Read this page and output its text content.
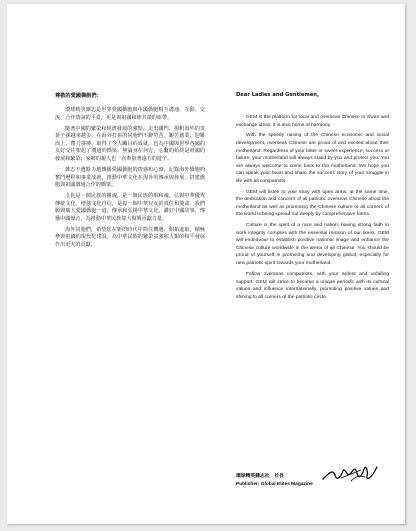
尊敬的愛國僑胞們：

環球精英雜志是世界愛國僑胞與中國僑胞相互溝通、互動、交流、合作情誼的平臺，更是與祖國和睦共榮的紐帶。

隨著中國的繁榮和經濟發展的強勁，走出國門、揚帆海外的炎黃子孫越來越多，在海外打拼的同胞們不辭勞苦、艱苦創業、迎難而上、奮力拼搏，取得了令人矚目的成就，也為中國與世界各國的友好交往架起了溝通的橋梁。無論身在何方，心繫的始終是祖國的發展和繁榮；家鄉的親人也一直牽掛著遠方的遊子。

雜志不遺餘力地傳播愛國僑胞的情感和心聲，記錄海外僑胞的奮鬥歷程和事業成就，推動中華文化在海外的傳承與發展，搭建僑胞與祖國溝通合作的橋梁。

文化是一個民族的靈魂，是一個民族的根和魂。弘揚中華優秀傳統文化，增強文化自信，是每一個中華兒女的責任和使命。我們願與廣大愛國僑胞一道，傳承和弘揚中華文化，講好中國故事，傳播中國聲音，為推動中華民族偉大復興貢獻力量。

海外同胞們，希望您在新的時代中抓住機遇、開拓進取，積極參與祖國的現代化建設，為中華民族的繁榮富強和人類的和平發展作出更大的貢獻。

Dear Ladies and Gentlemen,

GEM is the platform for local and overseas Chinese to share and exchange ideas, it is also home of harmony.

With the speedy raising of the Chinese economic and social development, overseas Chinese are proud of and excited about their motherland. Regardless of your bitter or sweet experience, success or failure, your motherland will always stand by you and protect you. You are always welcome to come back to the motherland. We hope you can speak your heart and share the success story of your struggle in life with all compatriots.

GEM will listen to your story with open arms; at the same time, the dedication and concern of all patriotic overseas Chinese about the motherland as well as promoting the Chinese culture to all corners of the world is being spread out deeply by comprehensive forms.

Culture is the spirit of a race and nation; having strong faith to work integrity complies with the essential mission of our times. GEM will endeavour to establish positive national image and enhance the Chinese culture worldwide in the arena of all Chinese. You should be proud of yourself in promoting and developing global, especially for new patriotic spirit towards your motherland.

Fellow overseas compatriots, with your ardent and unfailing support, GEM will strive to become a unique periodic with its cultural values and influence internationally, promoting positive values and shining to all corners of the patriotic circle.

環球精英雜志社　社長
Publisher: Global Elites Magazine
